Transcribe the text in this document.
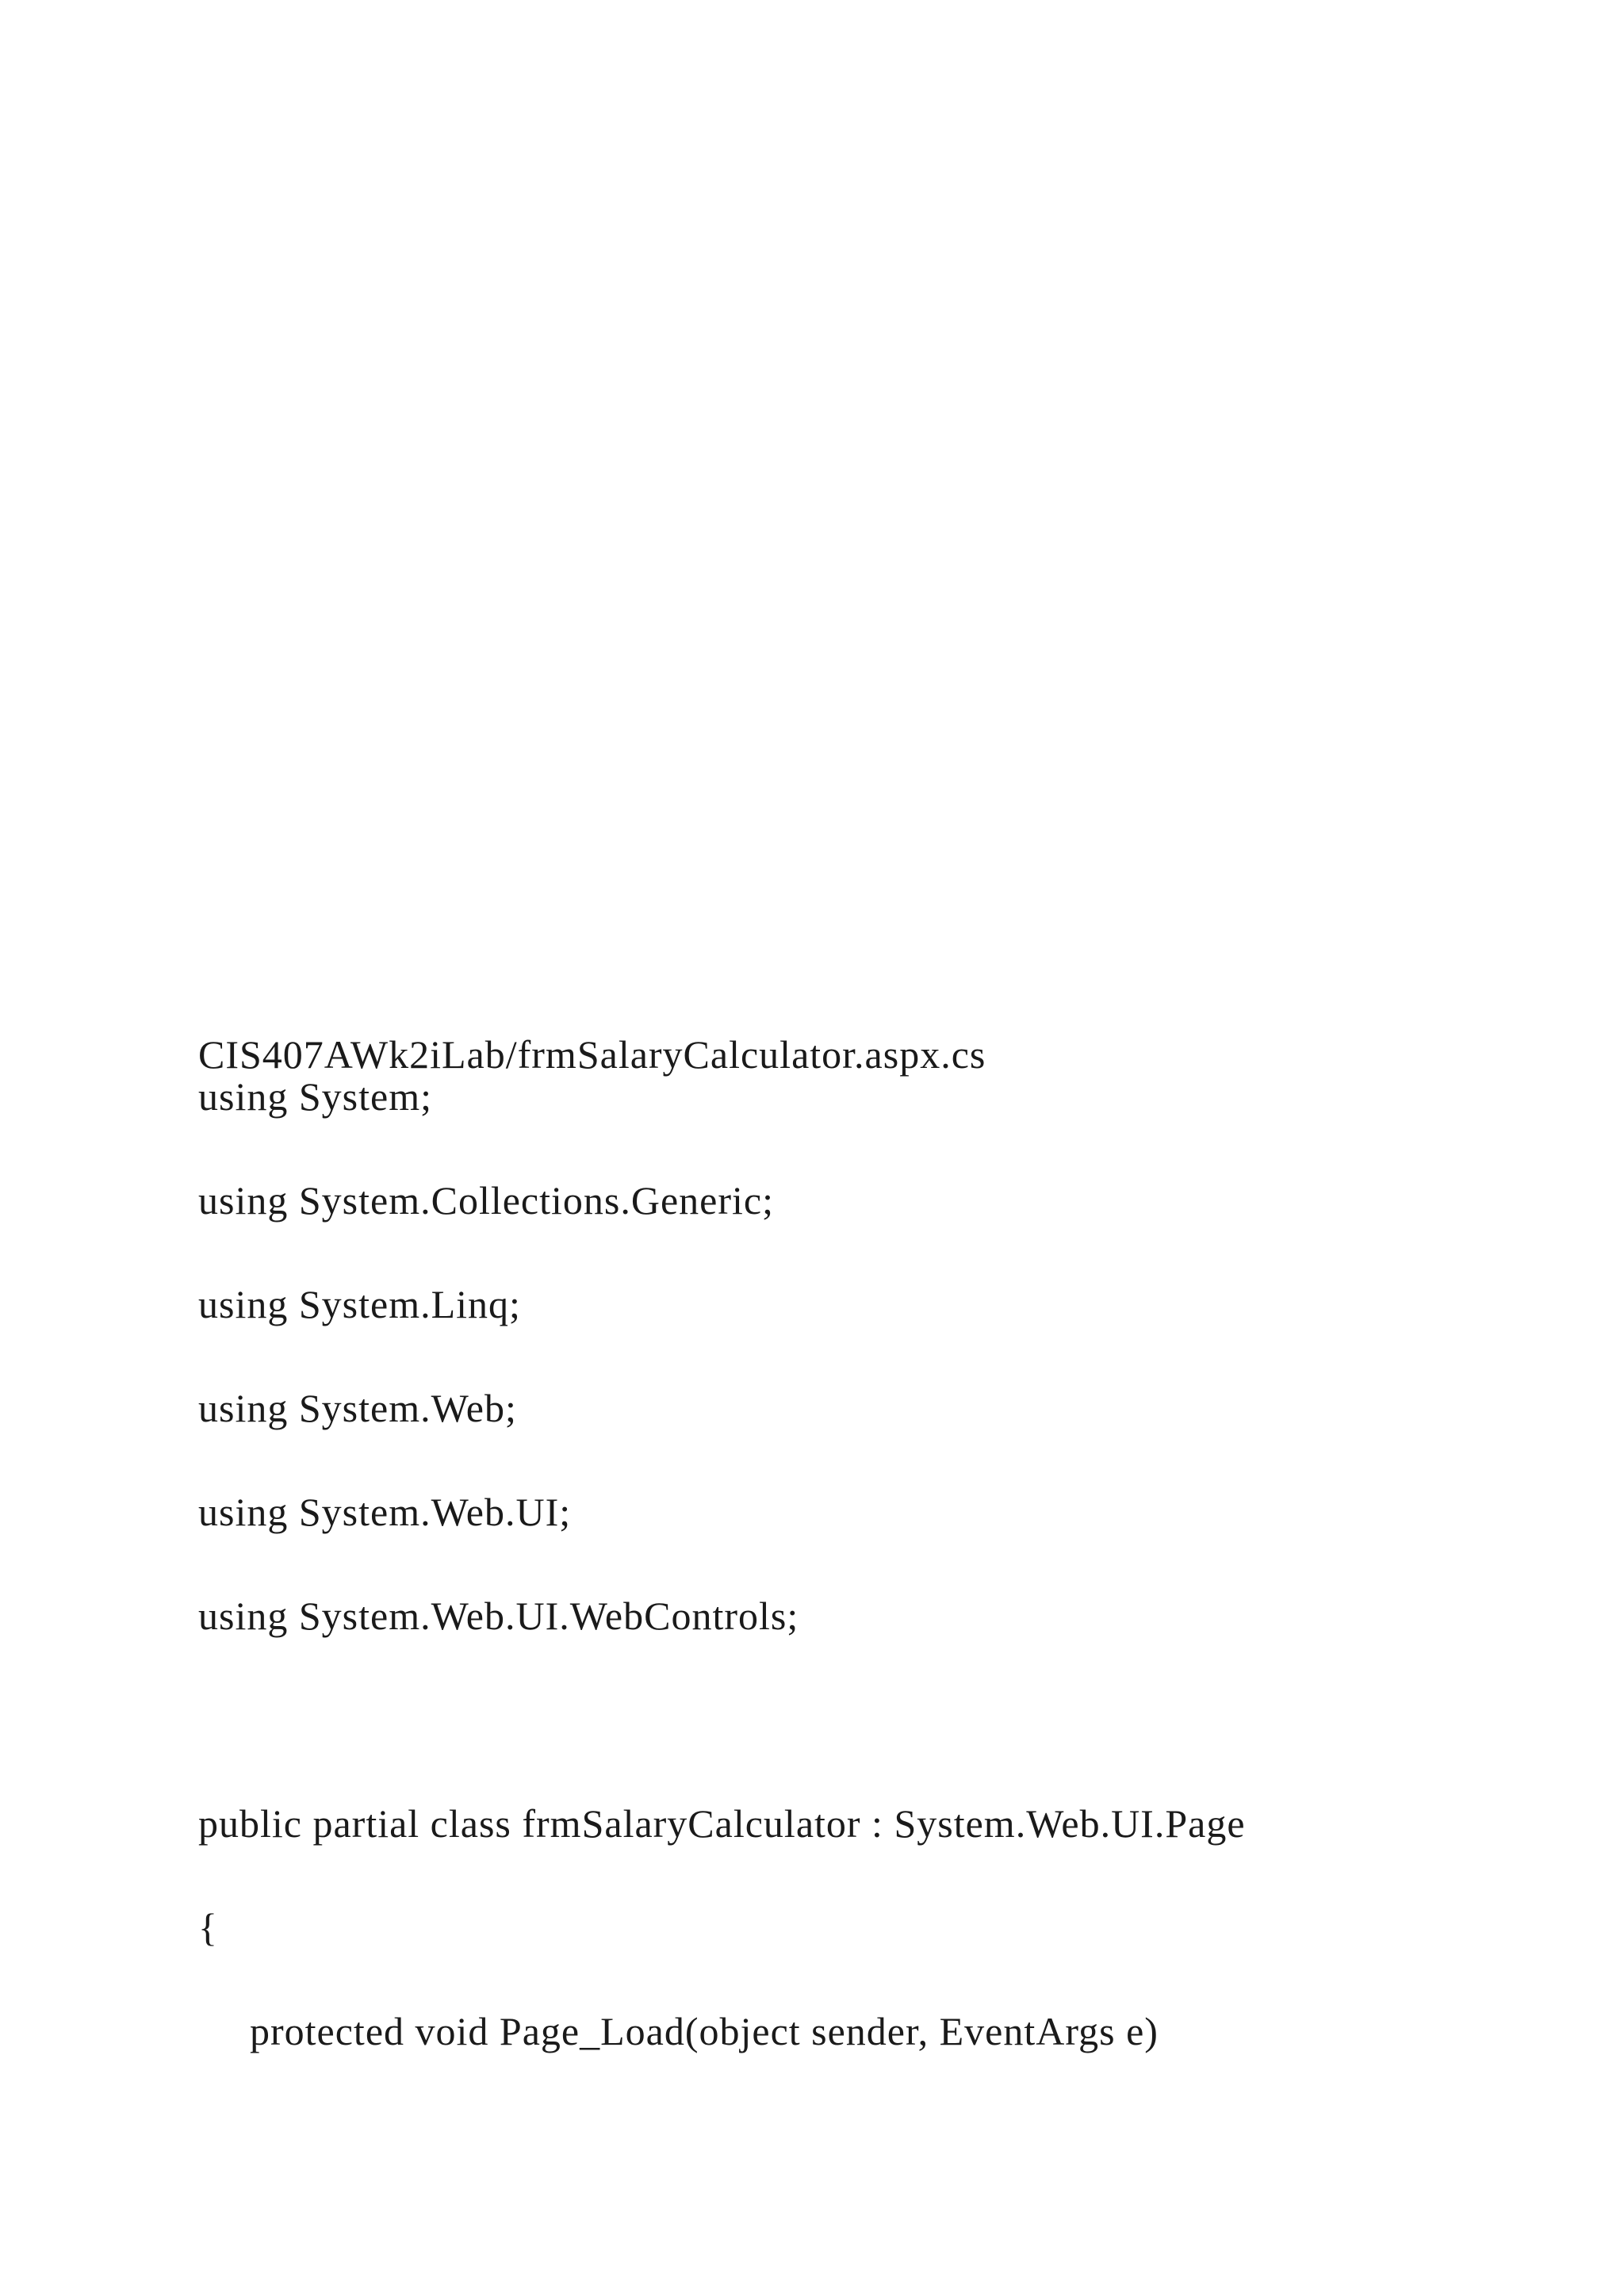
CIS407AWk2iLab/frmSalaryCalculator.aspx.cs
using System;
using System.Collections.Generic;
using System.Linq;
using System.Web;
using System.Web.UI;
using System.Web.UI.WebControls;
public partial class frmSalaryCalculator : System.Web.UI.Page
{
protected void Page_Load(object sender, EventArgs e)
